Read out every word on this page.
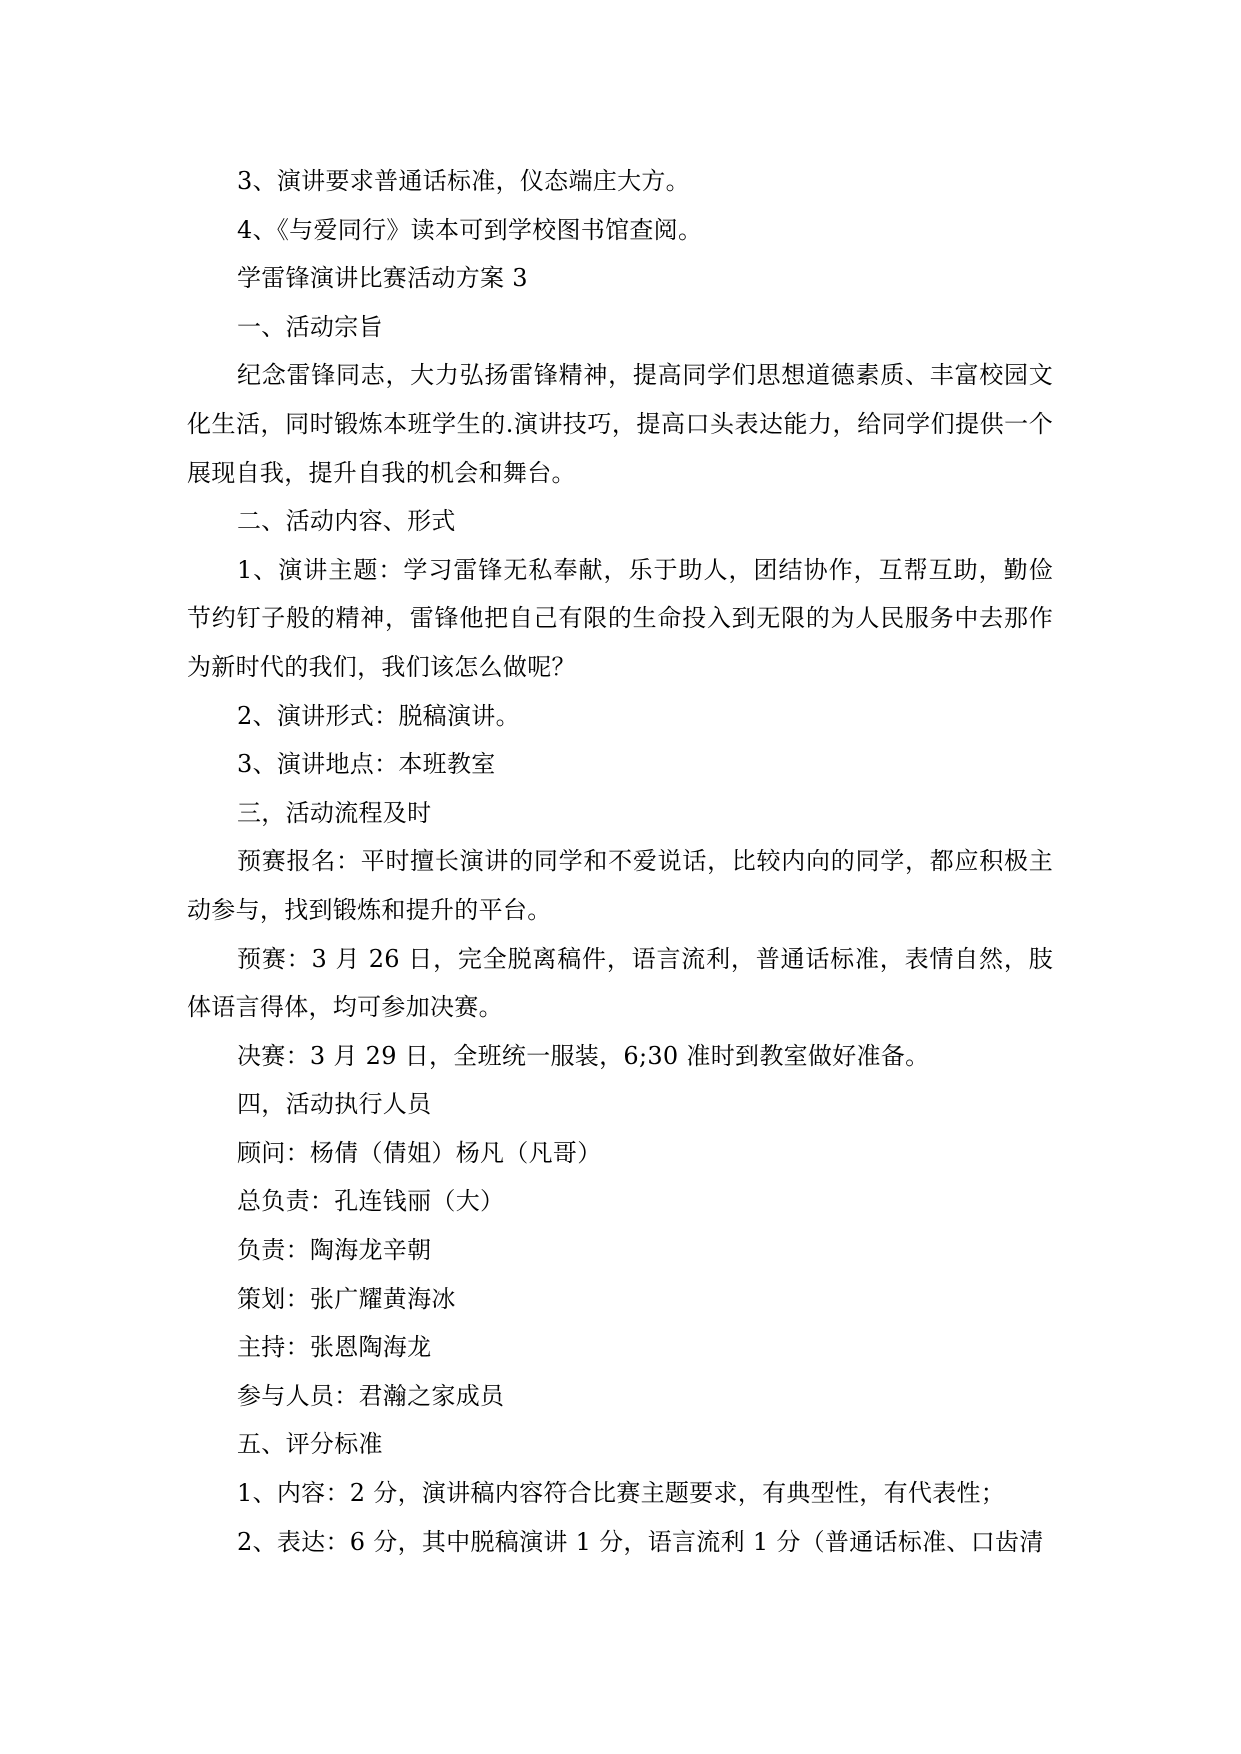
3、演讲要求普通话标准，仪态端庄大方。

4、《与爱同行》读本可到学校图书馆查阅。

学雷锋演讲比赛活动方案 3

一、活动宗旨

纪念雷锋同志，大力弘扬雷锋精神，提高同学们思想道德素质、丰富校园文化生活，同时锻炼本班学生的.演讲技巧，提高口头表达能力，给同学们提供一个展现自我，提升自我的机会和舞台。

二、活动内容、形式

1、演讲主题：学习雷锋无私奉献，乐于助人，团结协作，互帮互助，勤俭节约钉子般的精神，雷锋他把自己有限的生命投入到无限的为人民服务中去那作为新时代的我们，我们该怎么做呢？

2、演讲形式：脱稿演讲。

3、演讲地点：本班教室

三，活动流程及时

预赛报名：平时擅长演讲的同学和不爱说话，比较内向的同学，都应积极主动参与，找到锻炼和提升的平台。

预赛：3 月 26 日，完全脱离稿件，语言流利，普通话标准，表情自然，肢体语言得体，均可参加决赛。

决赛：3 月 29 日，全班统一服装，6;30 准时到教室做好准备。

四，活动执行人员

顾问：杨倩（倩姐）杨凡（凡哥）

总负责：孔连钱丽（大）

负责：陶海龙辛朝

策划：张广耀黄海冰

主持：张恩陶海龙

参与人员：君瀚之家成员

五、评分标准

1、内容：2 分，演讲稿内容符合比赛主题要求，有典型性，有代表性；

2、表达：6 分，其中脱稿演讲 1 分，语言流利 1 分（普通话标准、口齿清
